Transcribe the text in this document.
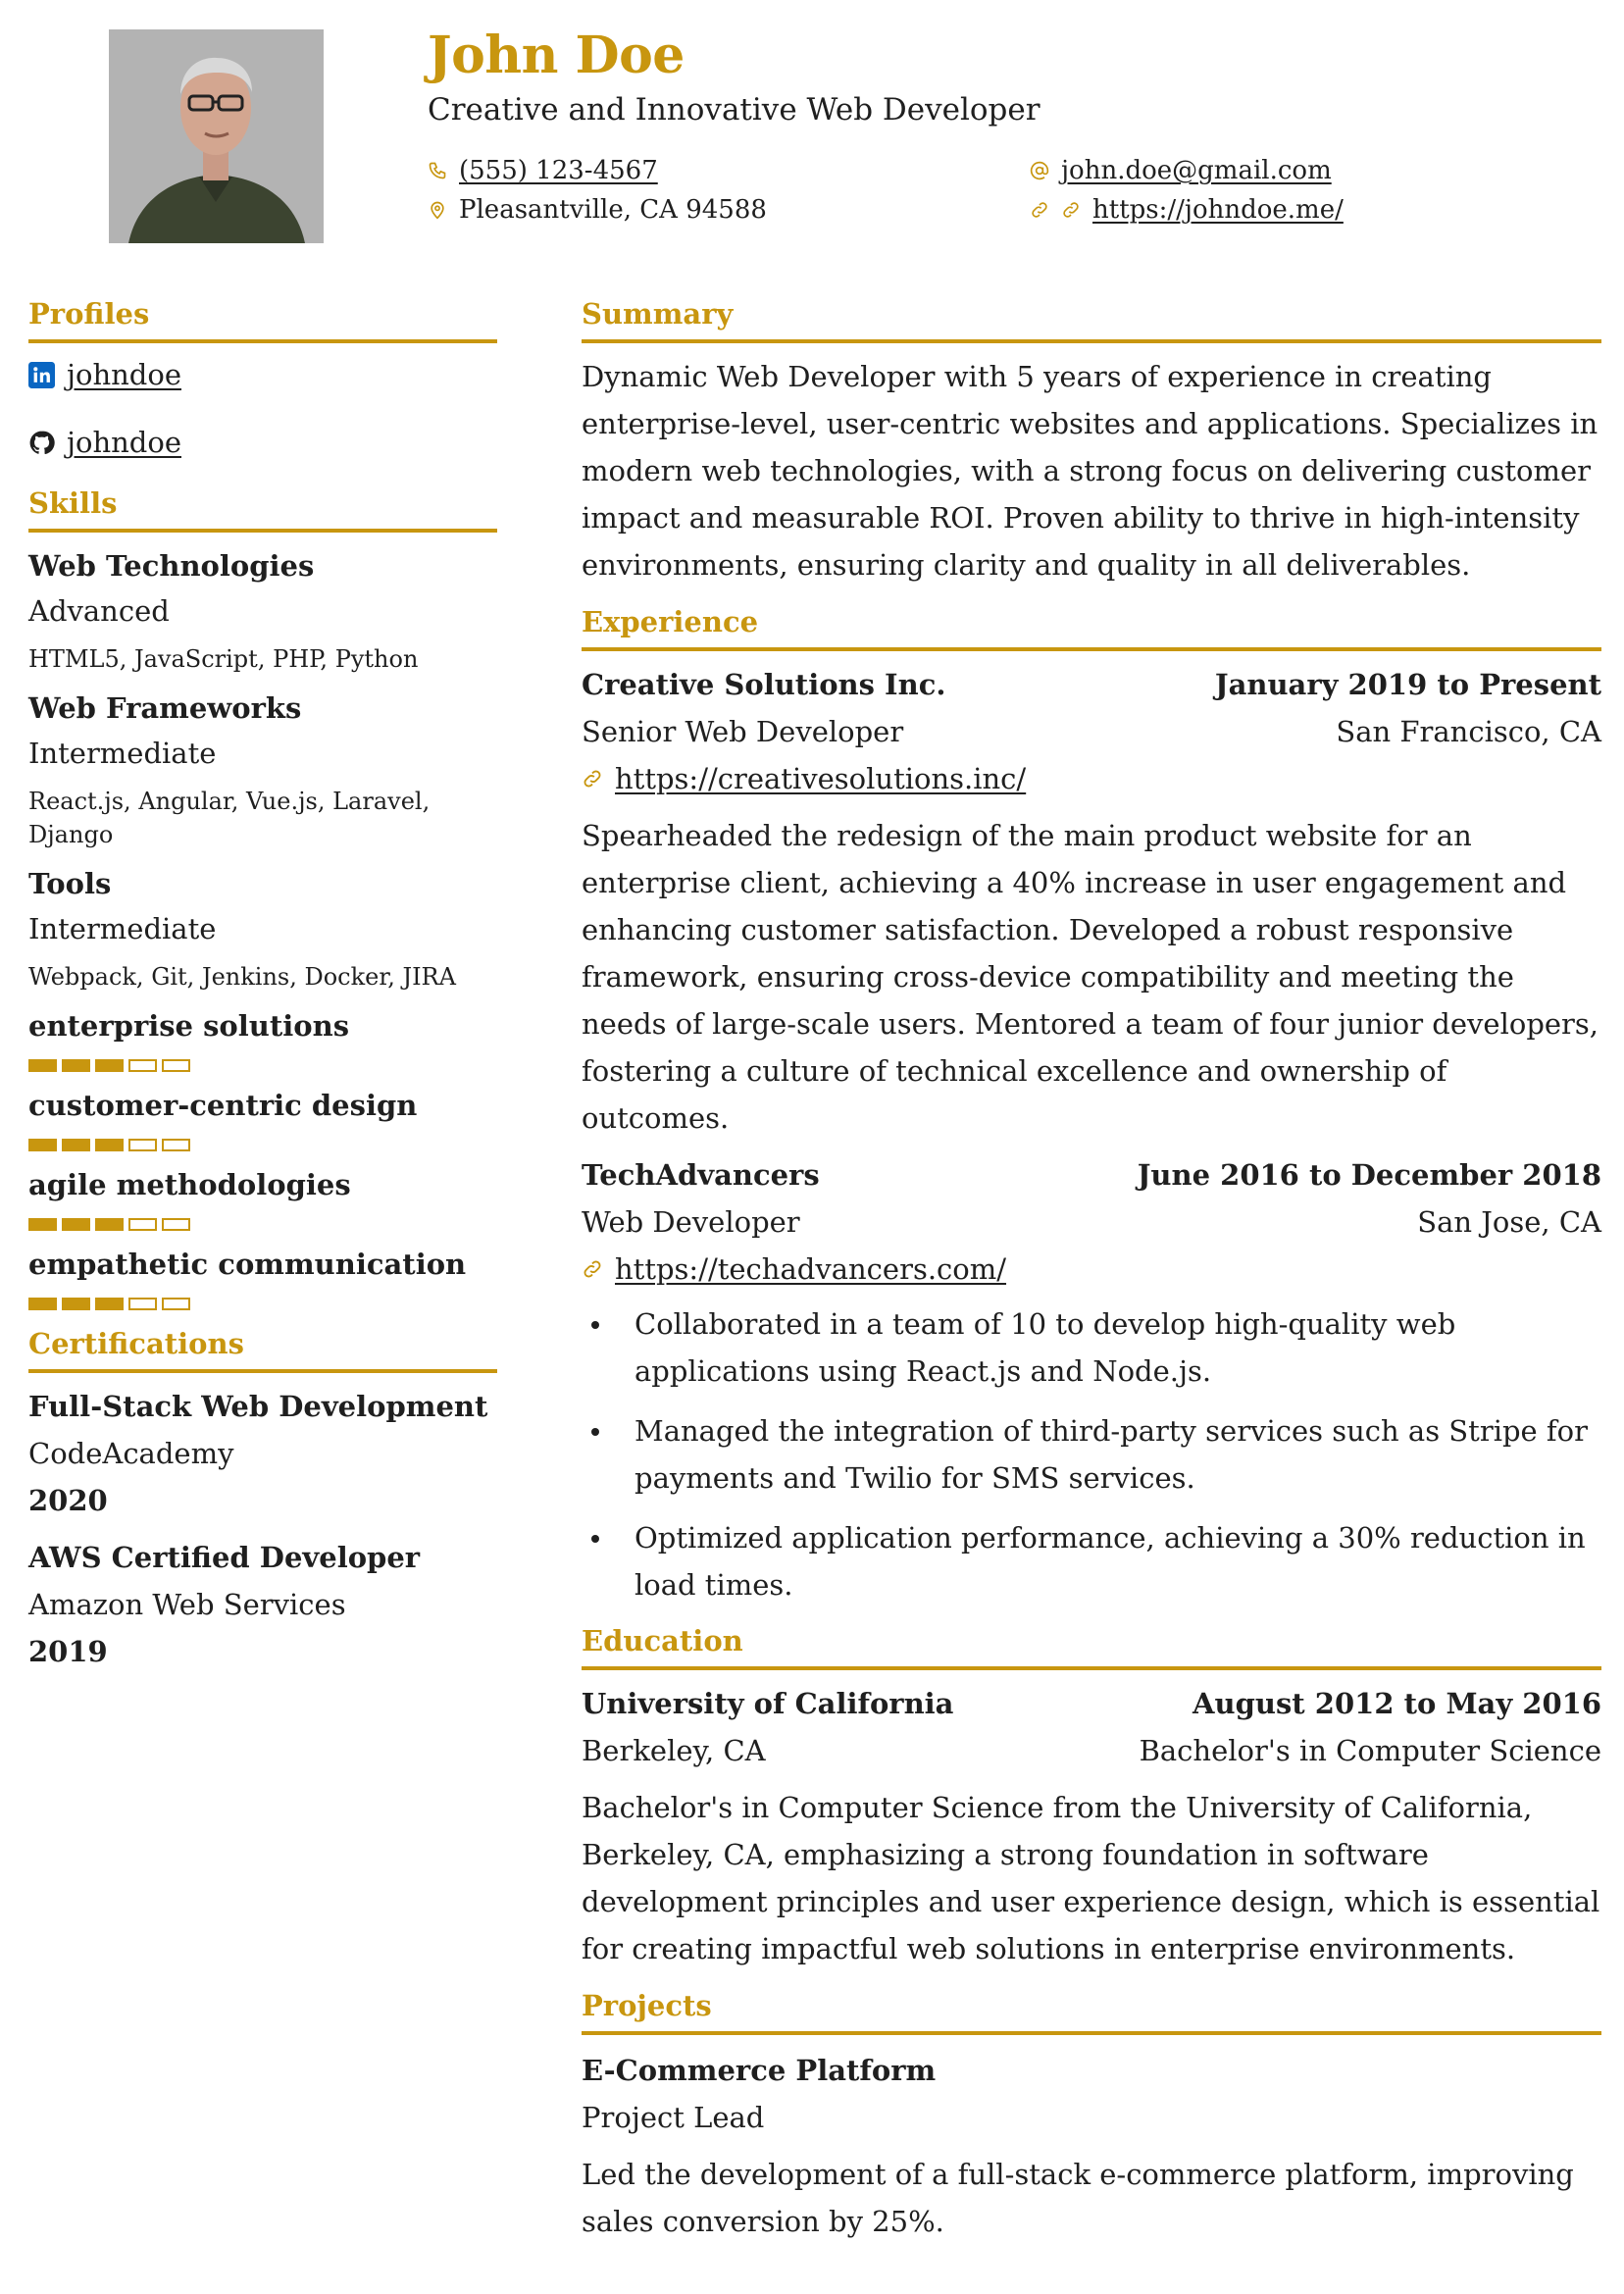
John Doe
Creative and Innovative Web Developer
(555) 123-4567
Pleasantville, CA 94588
john.doe@gmail.com
https://johndoe.me/
Profiles
johndoe
johndoe
Skills
Web Technologies
Advanced
HTML5, JavaScript, PHP, Python
Web Frameworks
Intermediate
React.js, Angular, Vue.js, Laravel, Django
Tools
Intermediate
Webpack, Git, Jenkins, Docker, JIRA
enterprise solutions
customer-centric design
agile methodologies
empathetic communication
Certifications
Full-Stack Web Development
CodeAcademy
2020
AWS Certified Developer
Amazon Web Services
2019
Summary
Dynamic Web Developer with 5 years of experience in creating enterprise-level, user-centric websites and applications. Specializes in modern web technologies, with a strong focus on delivering customer impact and measurable ROI. Proven ability to thrive in high-intensity environments, ensuring clarity and quality in all deliverables.
Experience
Creative Solutions Inc.	January 2019 to Present
Senior Web Developer	San Francisco, CA
https://creativesolutions.inc/
Spearheaded the redesign of the main product website for an enterprise client, achieving a 40% increase in user engagement and enhancing customer satisfaction. Developed a robust responsive framework, ensuring cross-device compatibility and meeting the needs of large-scale users. Mentored a team of four junior developers, fostering a culture of technical excellence and ownership of outcomes.
TechAdvancers	June 2016 to December 2018
Web Developer	San Jose, CA
https://techadvancers.com/
Collaborated in a team of 10 to develop high-quality web applications using React.js and Node.js.
Managed the integration of third-party services such as Stripe for payments and Twilio for SMS services.
Optimized application performance, achieving a 30% reduction in load times.
Education
University of California	August 2012 to May 2016
Berkeley, CA	Bachelor's in Computer Science
Bachelor's in Computer Science from the University of California, Berkeley, CA, emphasizing a strong foundation in software development principles and user experience design, which is essential for creating impactful web solutions in enterprise environments.
Projects
E-Commerce Platform
Project Lead
Led the development of a full-stack e-commerce platform, improving sales conversion by 25%.
